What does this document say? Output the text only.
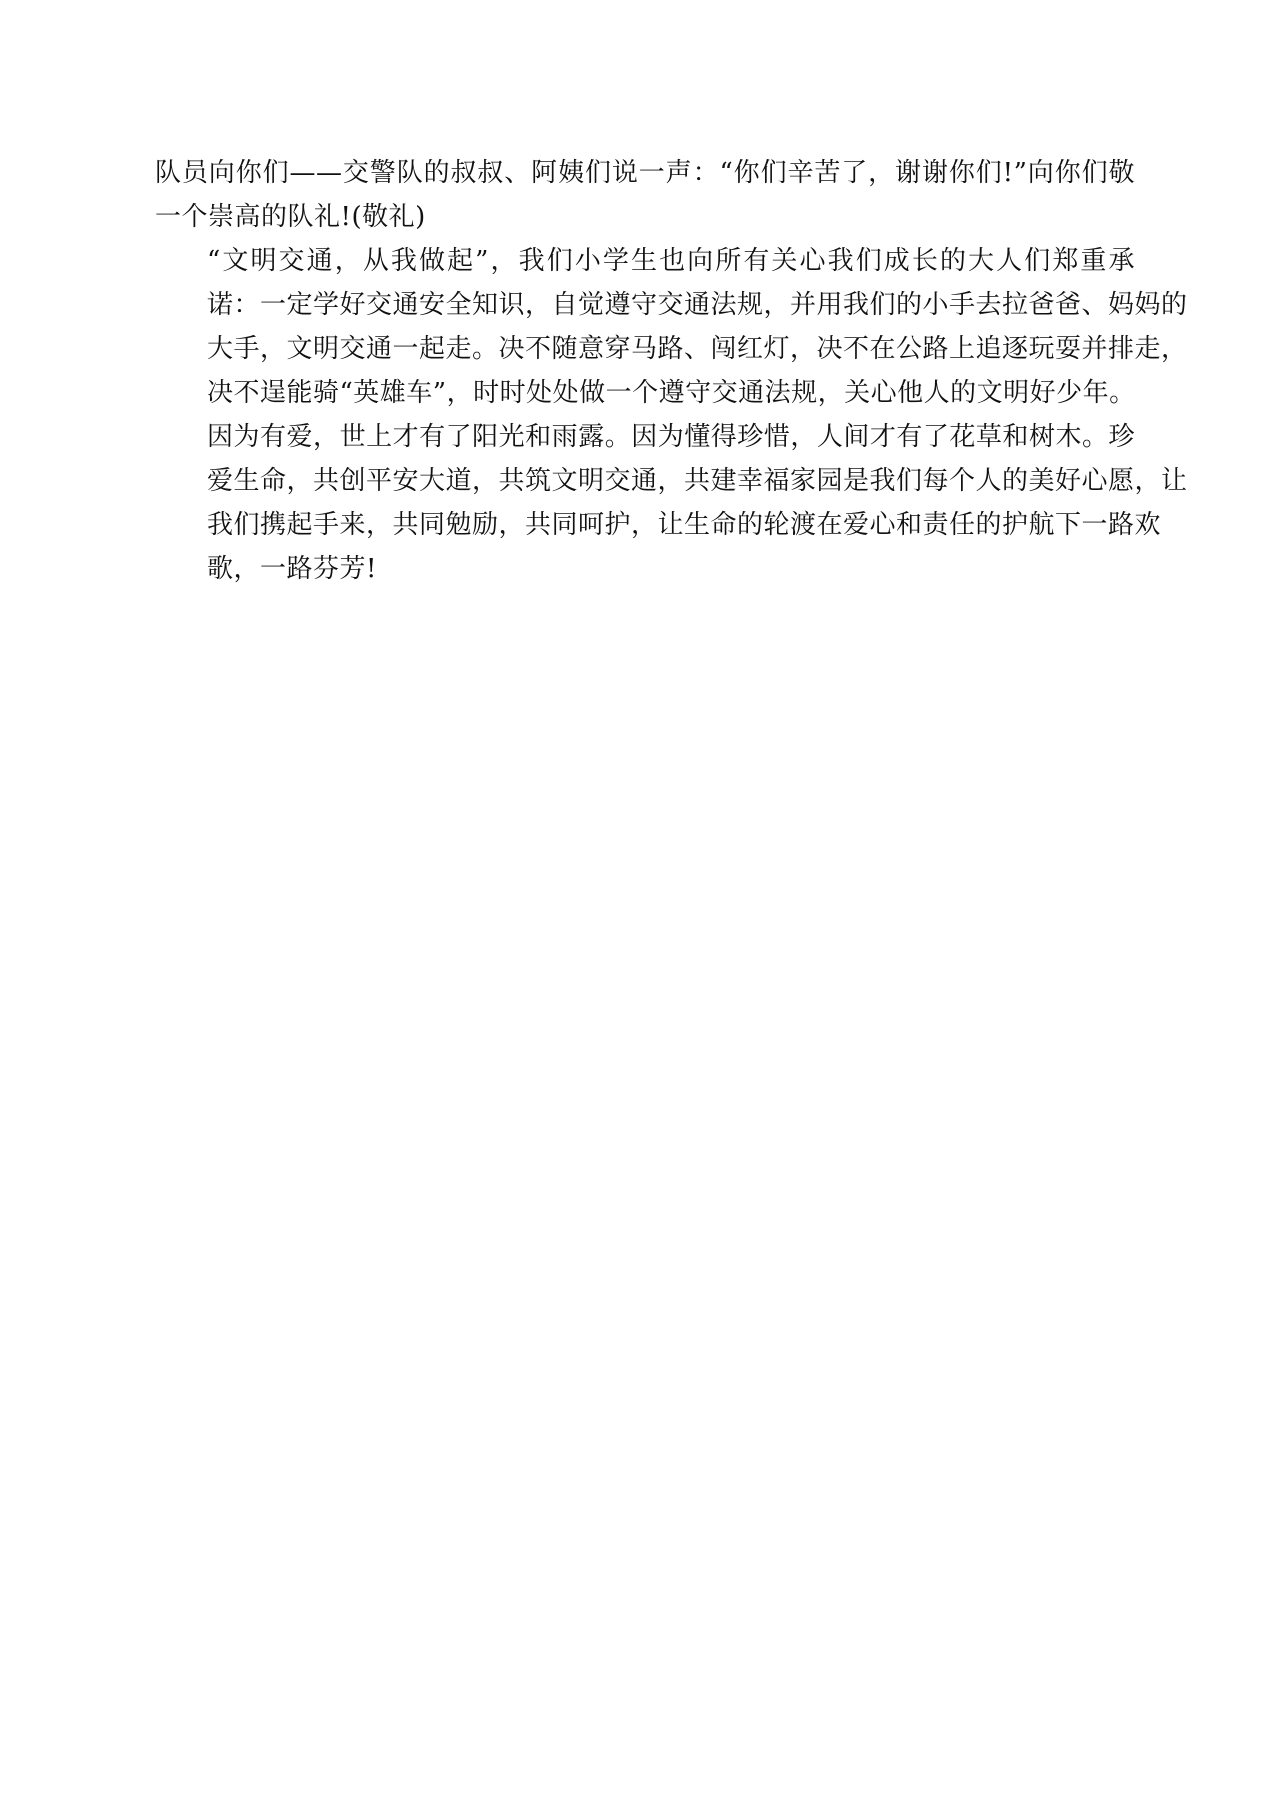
队员向你们——交警队的叔叔、阿姨们说一声：“你们辛苦了，谢谢你们!”向你们敬
一个崇高的队礼!(敬礼)

“文明交通，从我做起”，我们小学生也向所有关心我们成长的大人们郑重承
诺：一定学好交通安全知识，自觉遵守交通法规，并用我们的小手去拉爸爸、妈妈的
大手，文明交通一起走。决不随意穿马路、闯红灯，决不在公路上追逐玩耍并排走，
决不逞能骑“英雄车”，时时处处做一个遵守交通法规，关心他人的文明好少年。

因为有爱，世上才有了阳光和雨露。因为懂得珍惜，人间才有了花草和树木。珍
爱生命，共创平安大道，共筑文明交通，共建幸福家园是我们每个人的美好心愿，让
我们携起手来，共同勉励，共同呵护，让生命的轮渡在爱心和责任的护航下一路欢
歌，一路芬芳!
